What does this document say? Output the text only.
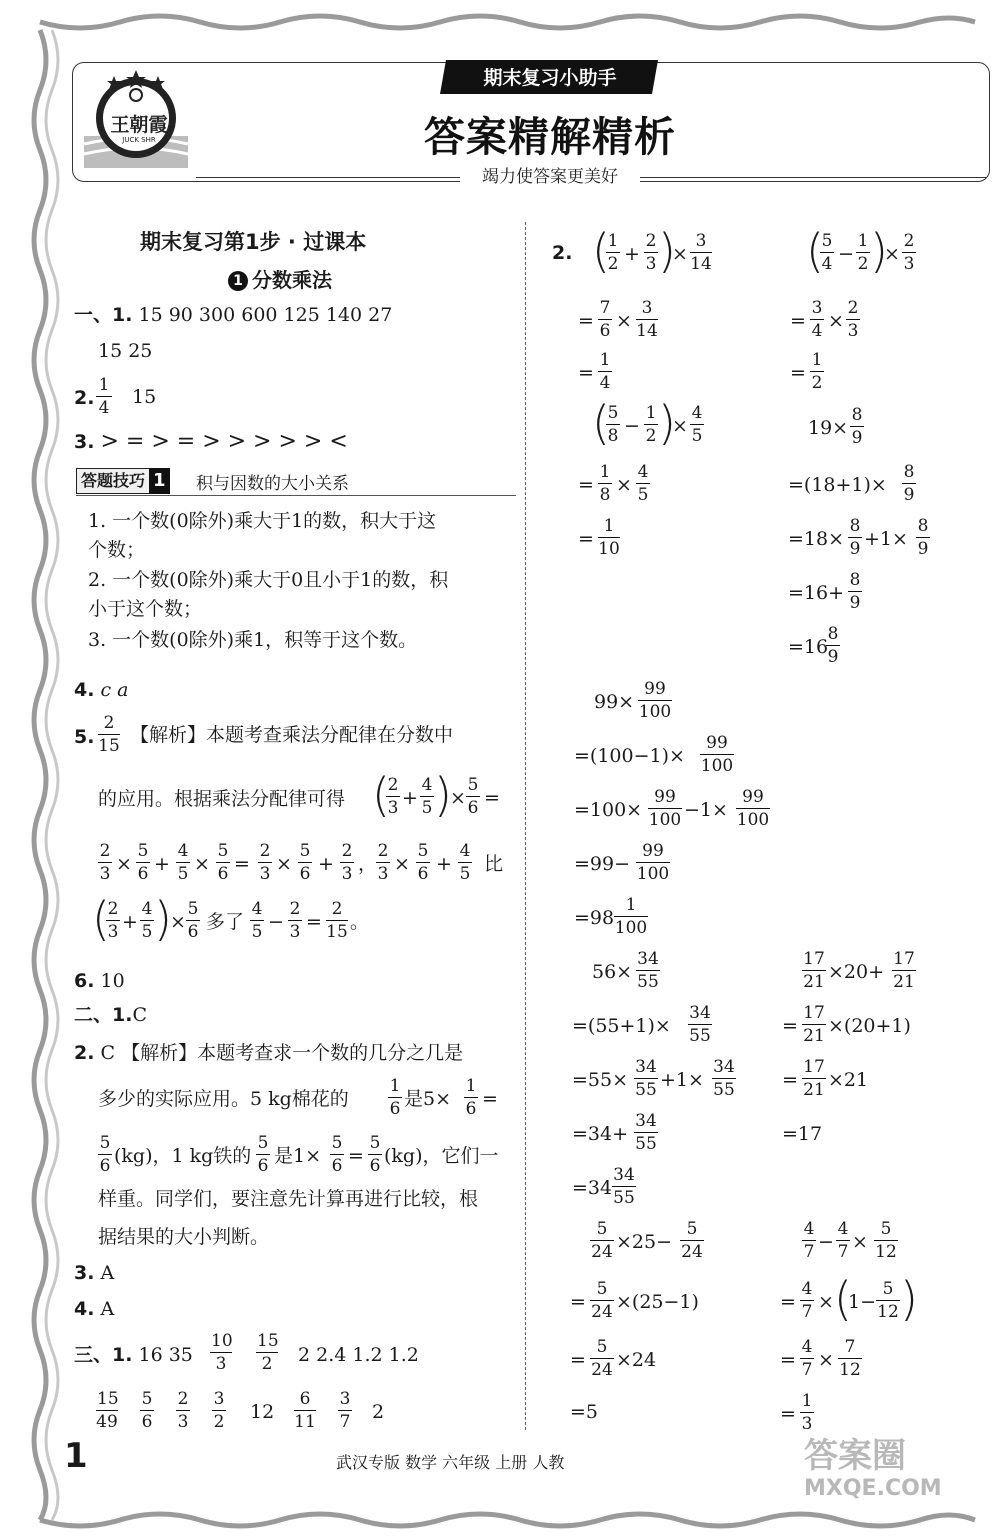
王朝霞
JUCK SHR
期末复习小助手
答案精解精析
竭力使答案更美好
期末复习第1步 · 过课本
1 分数乘法
一、1. 15 90 300 600 125 140 27
15 25
2.
1
4 15
3. > = > = > > > > > <
答题技巧 1 积与因数的大小关系
1. 一个数(0除外)乘大于1的数，积大于这
个数；
2. 一个数(0除外)乘大于0且小于1的数，积
小于这个数；
3. 一个数(0除外)乘1，积等于这个数。
4. c a
5.
2
15 【解析】本题考查乘法分配律在分数中
的应用。根据乘法分配律可得 (
2
3 +
4
5 )
×
5
6 =
2
3 ×
5
6 +
4
5 ×
5
6 =
2
3 ×
5
6 +
2
3 ，
2
3 ×
5
6 +
4
5 比
(
2
3 +
4
5 )
×
5
6 多了
4
5 −
2
3 =
2
15 。
6. 10
二、1.C
2. C 【解析】本题考查求一个数的几分之几是
多少的实际应用。5 kg棉花的
1
6 是5×
1
6 =
5
6 (kg)，1 kg铁的
5
6 是1×
5
6 =
5
6 (kg)，它们一
样重。同学们，要注意先计算再进行比较，根
据结果的大小判断。
3. A
4. A
三、1. 16 35
10
3
15
2 2 2.4 1.2 1.2
15
49
5
6
2
3
3
2 12
6
11
3
7 2
2. (
1
2 +
2
3 )
×
3
14
=
7
6 ×
3
14
=
1
4
(
5
8 −
1
2 )
×
4
5
=
1
8 ×
4
5
=
1
10
(
5
4 −
1
2 )
×
2
3
=
3
4 ×
2
3
=
1
2
19×
8
9
=(18+1)×
8
9
=18×
8
9 +1×
8
9
=16+
8
9
=16
8
9
99×
99
100
=(100−1)×
99
100
=100×
99
100 −1×
99
100
=99−
99
100
=98
1
100
56×
34
55
=(55+1)×
34
55
=55×
34
55 +1×
34
55
=34+
34
55
=34
34
55
17
21 ×20+
17
21
=
17
21 ×(20+1)
=
17
21 ×21
=17
5
24 ×25−
5
24
=
5
24 ×(25−1)
=
5
24 ×24
=5
4
7 −
4
7 ×
5
12
=
4
7 × (
1−
5
12 )
=
4
7 ×
7
12
=
1
3
1	武汉专版 数学 六年级 上册 人教	答案圈
MXQE.COM
